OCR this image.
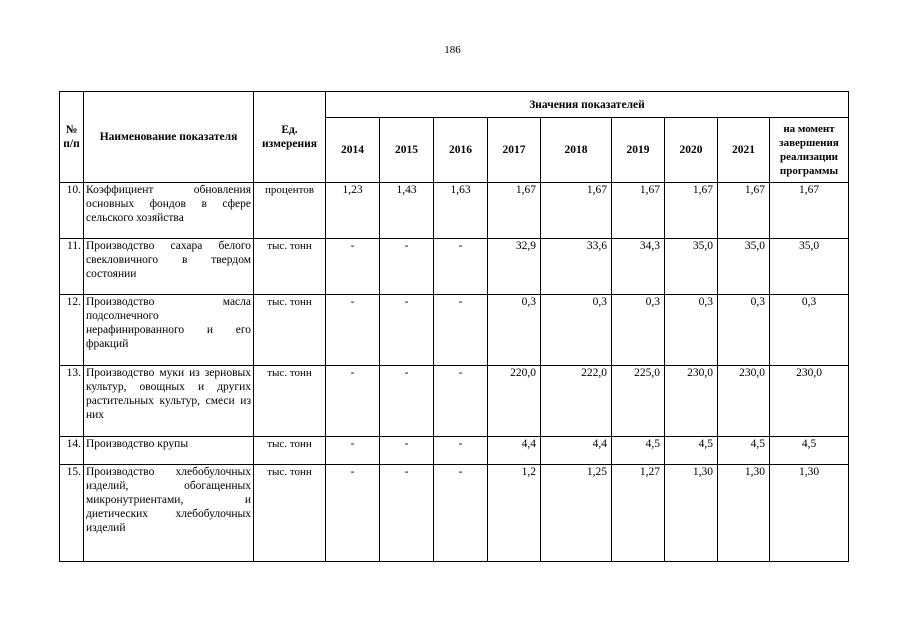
186
№ п/п	Наименование показателя	Ед. измерения	Значения показателей								
			2014	2015	2016	2017	2018	2019	2020	2021	на момент завершения реализации программы
10.	Коэффициент обновления основных фондов в сфере сельского хозяйства	процентов	1,23	1,43	1,63	1,67	1,67	1,67	1,67	1,67	1,67
11.	Производство сахара белого свекловичного в твердом состоянии	тыс. тонн	-	-	-	32,9	33,6	34,3	35,0	35,0	35,0
12.	Производство масла подсолнечного нерафинированного и его фракций	тыс. тонн	-	-	-	0,3	0,3	0,3	0,3	0,3	0,3
13.	Производство муки из зерновых культур, овощных и других растительных культур, смеси из них	тыс. тонн	-	-	-	220,0	222,0	225,0	230,0	230,0	230,0
14.	Производство крупы	тыс. тонн	-	-	-	4,4	4,4	4,5	4,5	4,5	4,5
15.	Производство хлебобулочных изделий, обогащенных микронутриентами, и диетических хлебобулочных изделий	тыс. тонн	-	-	-	1,2	1,25	1,27	1,30	1,30	1,30
